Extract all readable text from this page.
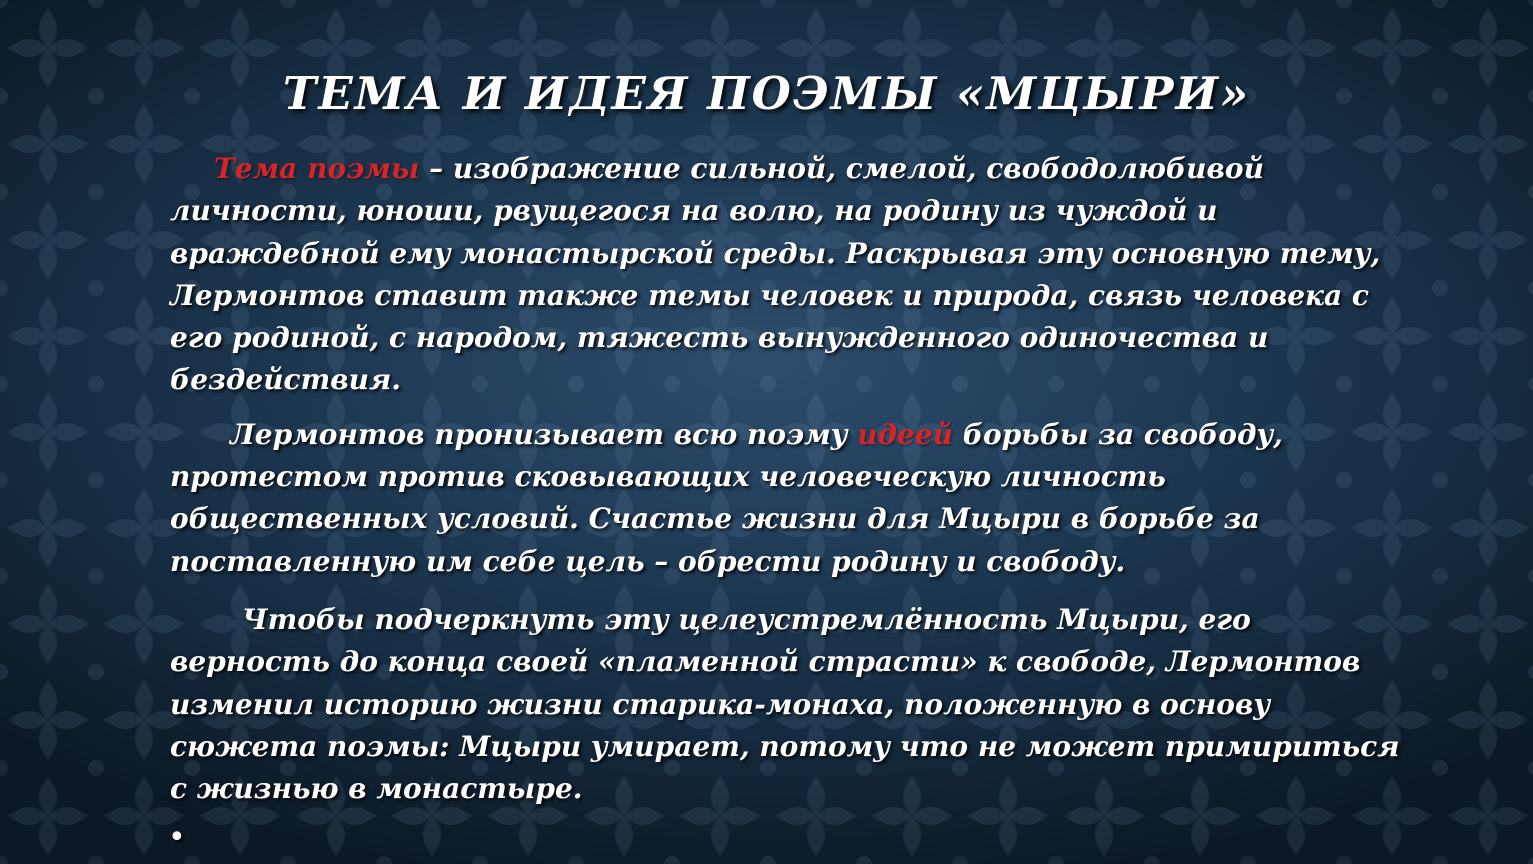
ТЕМА И ИДЕЯ ПОЭМЫ «МЦЫРИ»

Тема поэмы – изображение сильной, смелой, свободолюбивой
личности, юноши, рвущегося на волю, на родину из чуждой и
враждебной ему монастырской среды. Раскрывая эту основную тему,
Лермонтов ставит также темы человек и природа, связь человека с
его родиной, с народом, тяжесть вынужденного одиночества и
бездействия.

Лермонтов пронизывает всю поэму идеей борьбы за свободу,
протестом против сковывающих человеческую личность
общественных условий. Счастье жизни для Мцыри в борьбе за
поставленную им себе цель – обрести родину и свободу.

Чтобы подчеркнуть эту целеустремлённость Мцыри, его
верность до конца своей «пламенной страсти» к свободе, Лермонтов
изменил историю жизни старика-монаха, положенную в основу
сюжета поэмы: Мцыри умирает, потому что не может примириться
с жизнью в монастыре.

•
